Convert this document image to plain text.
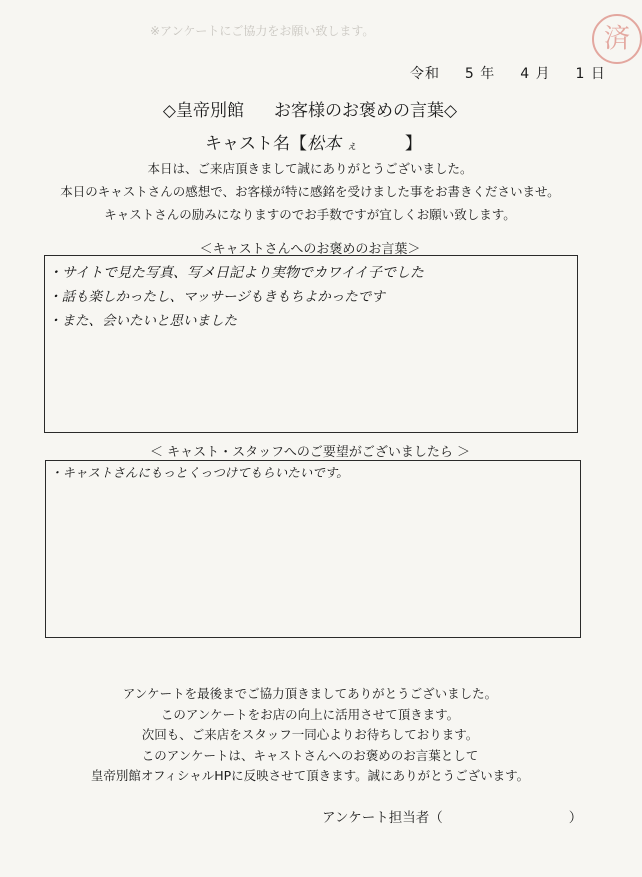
※アンケートにご協力をお願い致します。	済
令和 5 年 4 月 1 日
◇皇帝別館 お客様のお褒めの言葉◇
キャスト名【松本 ぇ	】
本日は、ご来店頂きまして誠にありがとうございました。
本日のキャストさんの感想で、お客様が特に感銘を受けました事をお書きくださいませ。
キャストさんの励みになりますのでお手数ですが宜しくお願い致します。
＜キャストさんへのお褒めのお言葉＞
・サイトで見た写真、写メ日記より実物でカワイイ子でした
・話も楽しかったし、マッサージもきもちよかったです
・また、会いたいと思いました
＜ キャスト・スタッフへのご要望がございましたら ＞
・キャストさんにもっとくっつけてもらいたいです。
アンケートを最後までご協力頂きましてありがとうございました。
このアンケートをお店の向上に活用させて頂きます。
次回も、ご来店をスタッフ一同心よりお待ちしております。
このアンケートは、キャストさんへのお褒めのお言葉として
皇帝別館オフィシャルHPに反映させて頂きます。誠にありがとうございます。
アンケート担当者（	）
